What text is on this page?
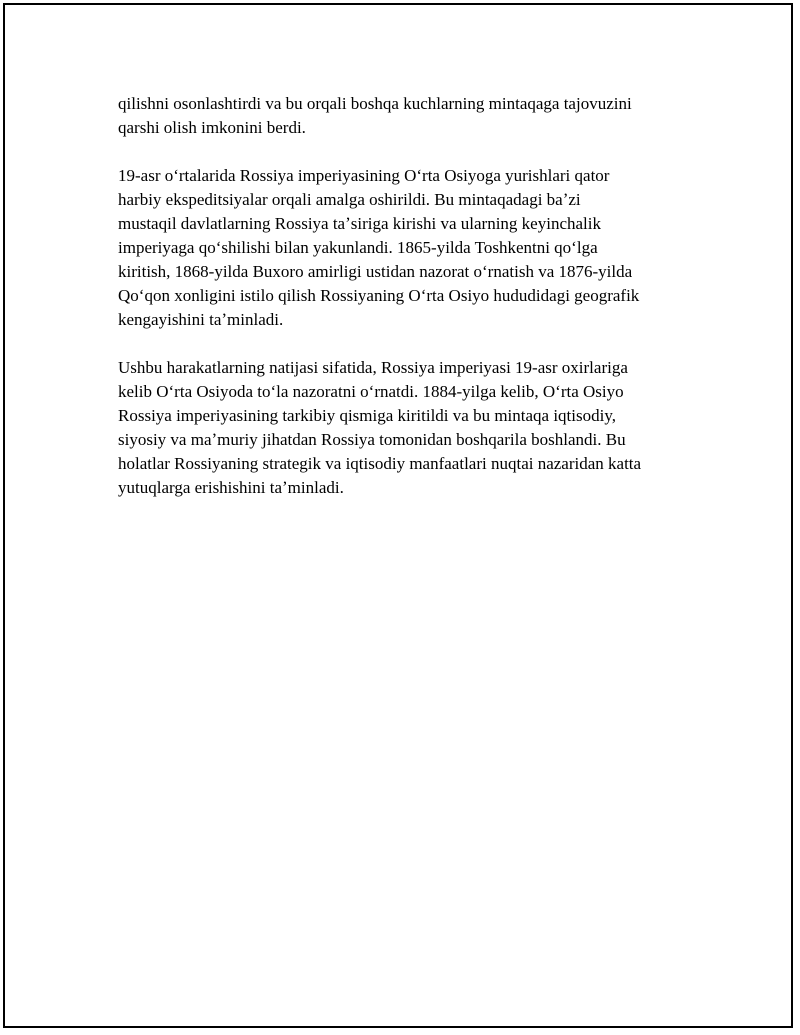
qilishni osonlashtirdi va bu orqali boshqa kuchlarning mintaqaga tajovuzini
qarshi olish imkonini berdi.

19-asr oʻrtalarida Rossiya imperiyasining Oʻrta Osiyoga yurishlari qator
harbiy ekspeditsiyalar orqali amalga oshirildi. Bu mintaqadagi baʼzi
mustaqil davlatlarning Rossiya taʼsiriga kirishi va ularning keyinchalik
imperiyaga qoʻshilishi bilan yakunlandi. 1865-yilda Toshkentni qoʻlga
kiritish, 1868-yilda Buxoro amirligi ustidan nazorat oʻrnatish va 1876-yilda
Qoʻqon xonligini istilo qilish Rossiyaning Oʻrta Osiyo hududidagi geografik
kengayishini taʼminladi.

Ushbu harakatlarning natijasi sifatida, Rossiya imperiyasi 19-asr oxirlariga
kelib Oʻrta Osiyoda toʻla nazoratni oʻrnatdi. 1884-yilga kelib, Oʻrta Osiyo
Rossiya imperiyasining tarkibiy qismiga kiritildi va bu mintaqa iqtisodiy,
siyosiy va maʼmuriy jihatdan Rossiya tomonidan boshqarila boshlandi. Bu
holatlar Rossiyaning strategik va iqtisodiy manfaatlari nuqtai nazaridan katta
yutuqlarga erishishini taʼminladi.
